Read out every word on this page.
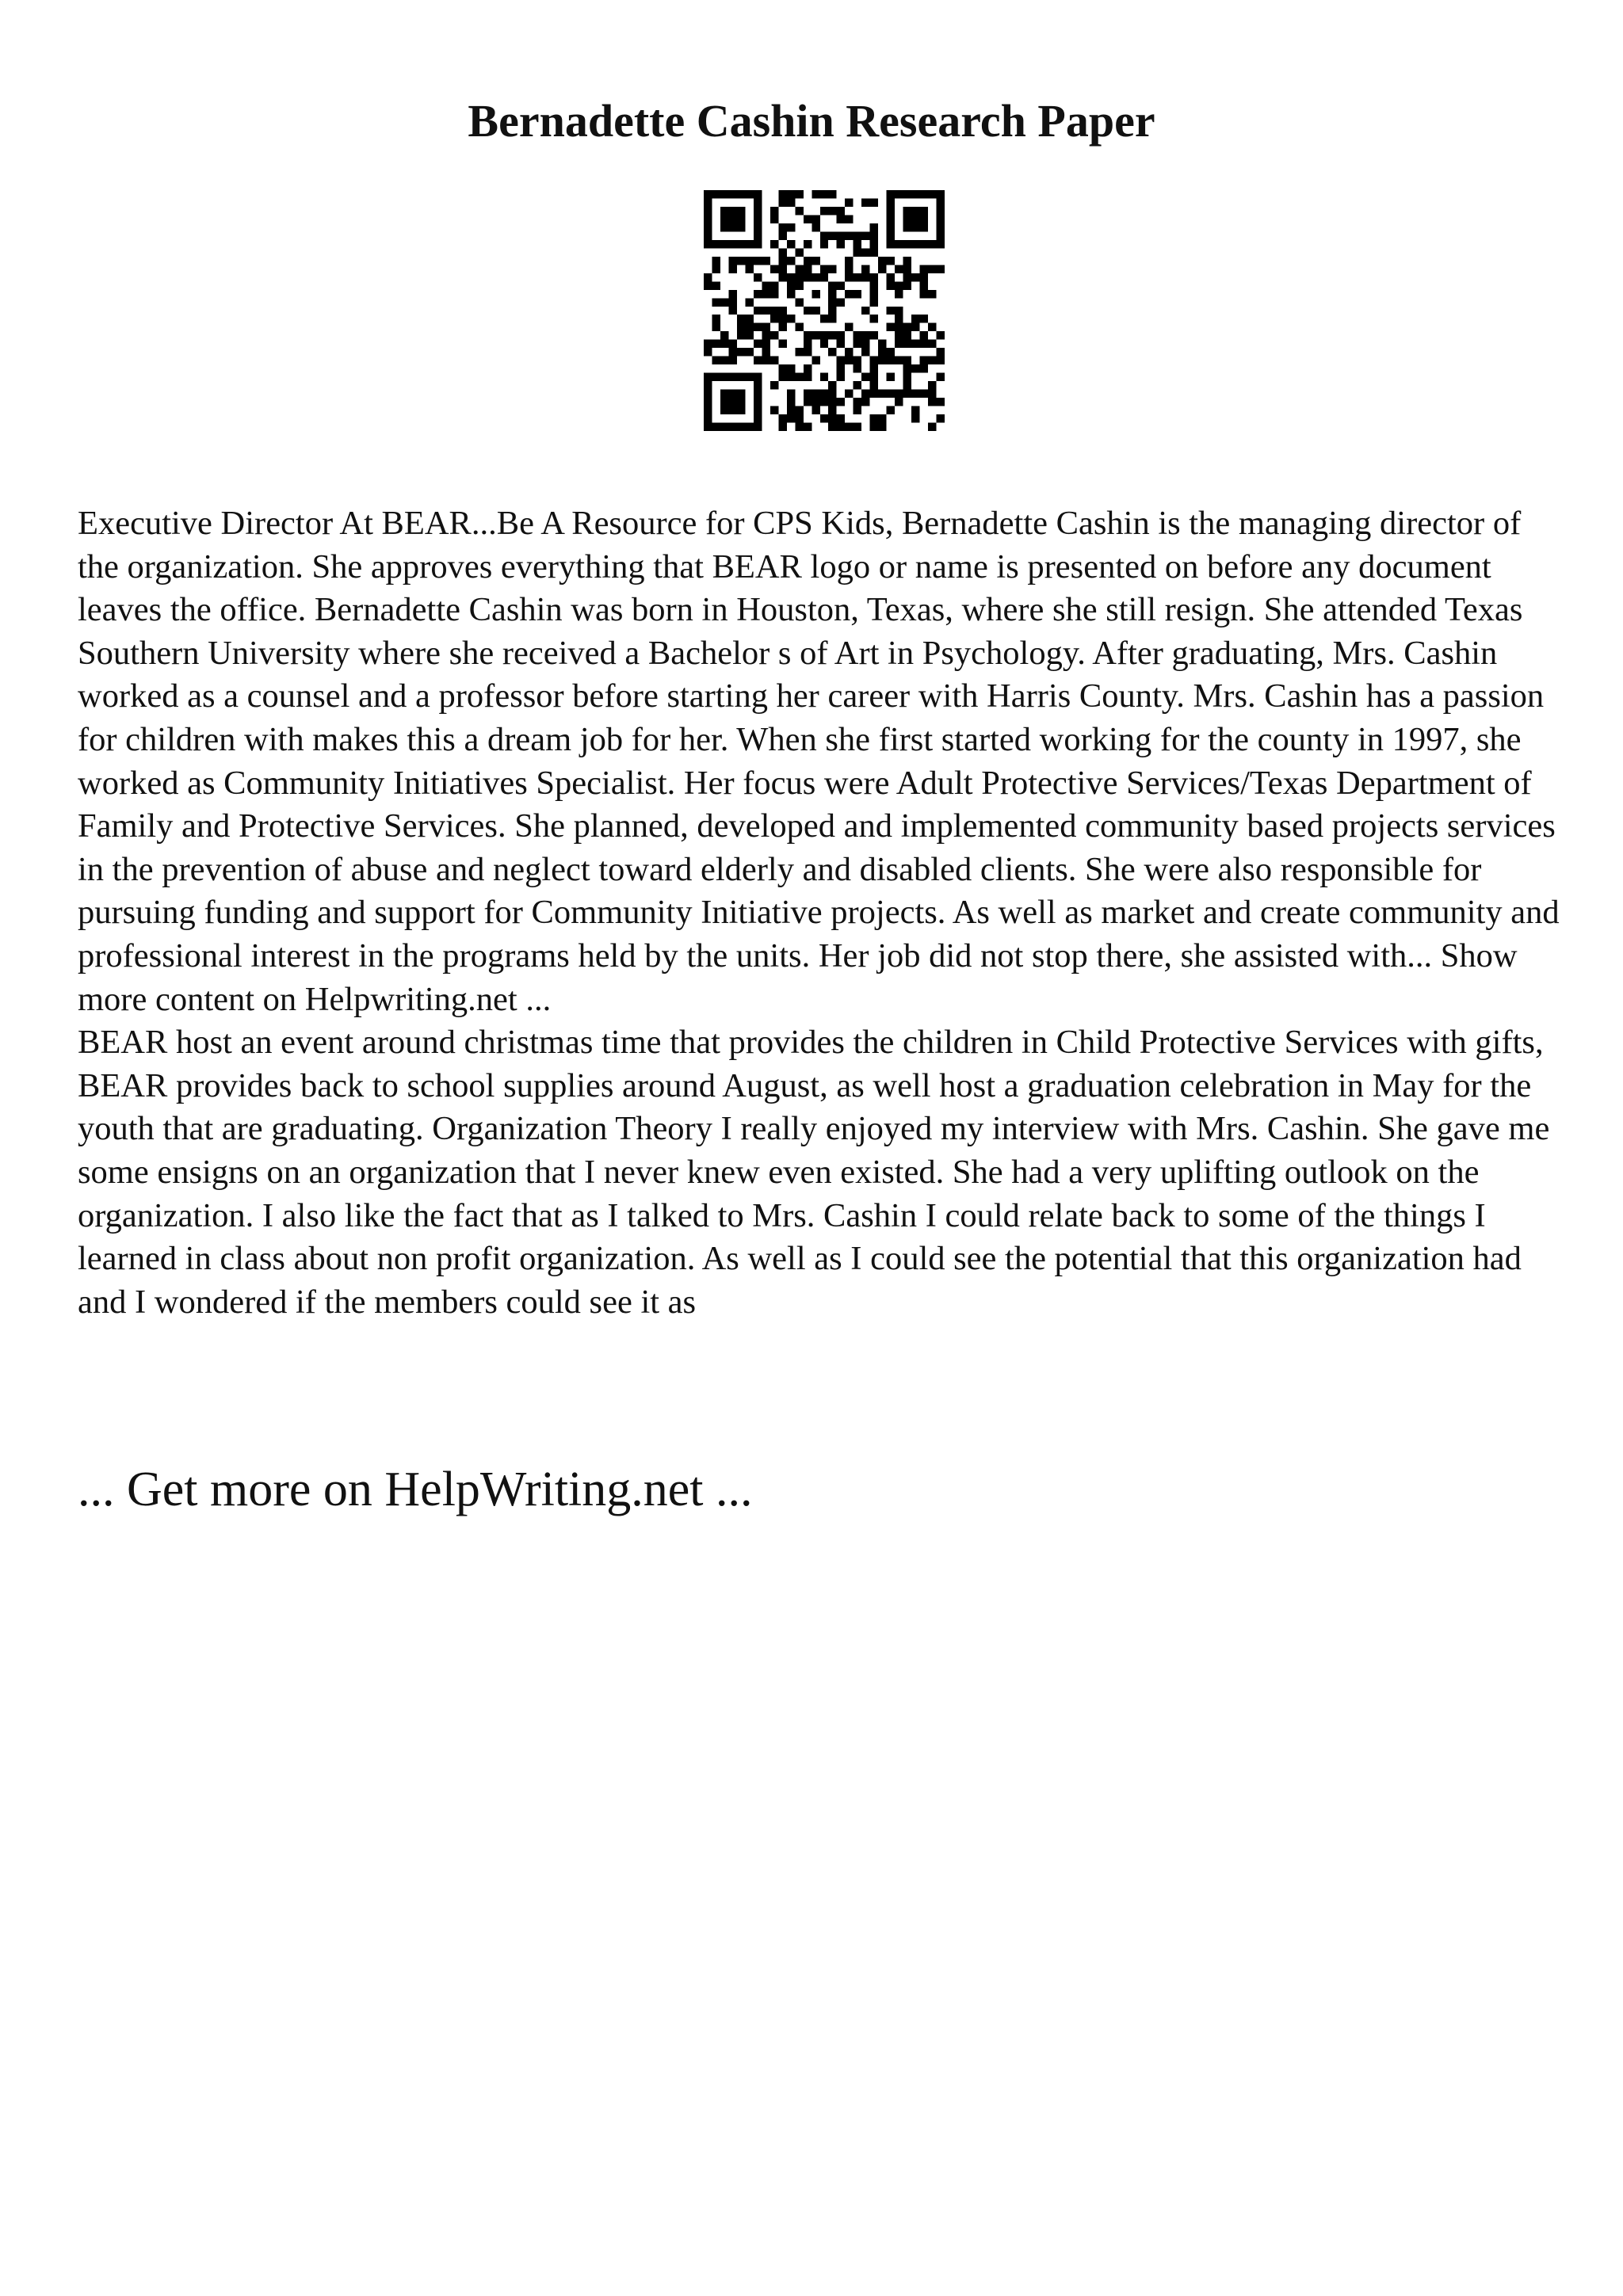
Bernadette Cashin Research Paper

Executive Director At BEAR...Be A Resource for CPS Kids, Bernadette Cashin is the managing director of the organization. She approves everything that BEAR logo or name is presented on before any document leaves the office. Bernadette Cashin was born in Houston, Texas, where she still resign. She attended Texas Southern University where she received a Bachelor s of Art in Psychology. After graduating, Mrs. Cashin worked as a counsel and a professor before starting her career with Harris County. Mrs. Cashin has a passion for children with makes this a dream job for her. When she first started working for the county in 1997, she worked as Community Initiatives Specialist. Her focus were Adult Protective Services/Texas Department of Family and Protective Services. She planned, developed and implemented community based projects services in the prevention of abuse and neglect toward elderly and disabled clients. She were also responsible for pursuing funding and support for Community Initiative projects. As well as market and create community and professional interest in the programs held by the units. Her job did not stop there, she assisted with... Show more content on Helpwriting.net ...

BEAR host an event around christmas time that provides the children in Child Protective Services with gifts, BEAR provides back to school supplies around August, as well host a graduation celebration in May for the youth that are graduating. Organization Theory I really enjoyed my interview with Mrs. Cashin. She gave me some ensigns on an organization that I never knew even existed. She had a very uplifting outlook on the organization. I also like the fact that as I talked to Mrs. Cashin I could relate back to some of the things I learned in class about non profit organization. As well as I could see the potential that this organization had and I wondered if the members could see it as

... Get more on HelpWriting.net ...
